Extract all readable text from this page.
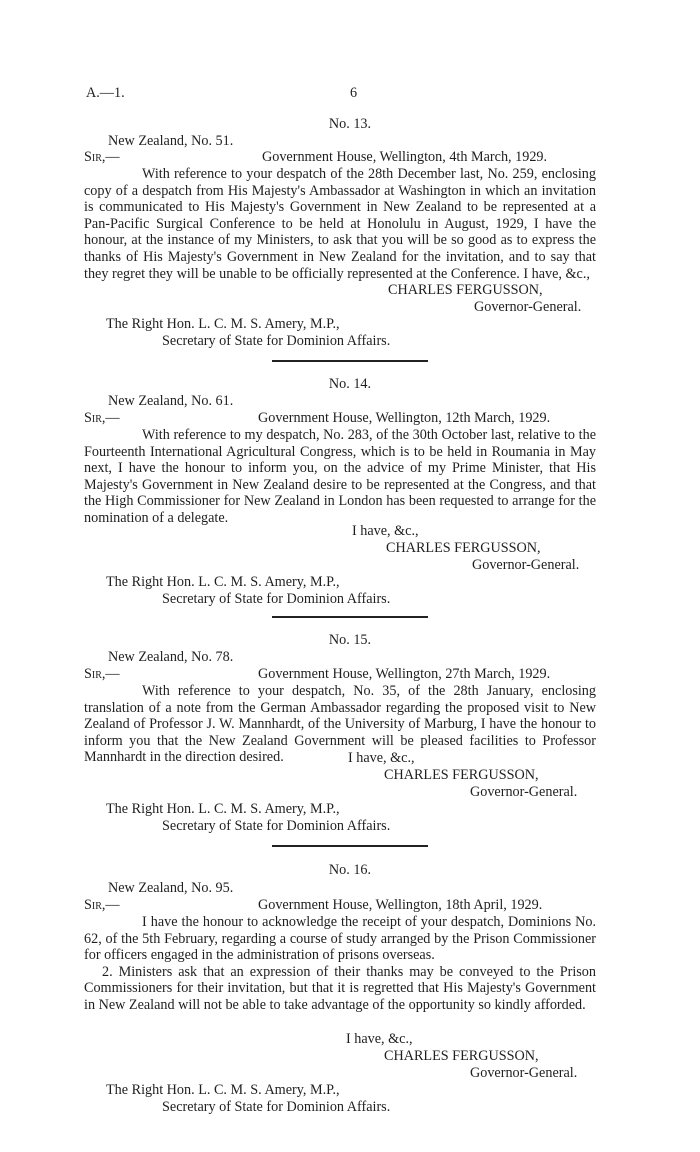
A.—1.	6
No. 13.
New Zealand, No. 51.
Sir,—	Government House, Wellington, 4th March, 1929.

With reference to your despatch of the 28th December last, No. 259, enclosing copy of a despatch from His Majesty's Ambassador at Washington in which an invitation is communicated to His Majesty's Government in New Zealand to be represented at a Pan-Pacific Surgical Conference to be held at Honolulu in August, 1929, I have the honour, at the instance of my Ministers, to ask that you will be so good as to express the thanks of His Majesty's Government in New Zealand for the invitation, and to say that they regret they will be unable to be officially represented at the Conference. I have, &c.,

CHARLES FERGUSSON,
Governor-General.
The Right Hon. L. C. M. S. Amery, M.P.,
Secretary of State for Dominion Affairs.
No. 14.
New Zealand, No. 61.
Sir,—	Government House, Wellington, 12th March, 1929.

With reference to my despatch, No. 283, of the 30th October last, relative to the Fourteenth International Agricultural Congress, which is to be held in Roumania in May next, I have the honour to inform you, on the advice of my Prime Minister, that His Majesty's Government in New Zealand desire to be represented at the Congress, and that the High Commissioner for New Zealand in London has been requested to arrange for the nomination of a delegate.

I have, &c.,
CHARLES FERGUSSON,
Governor-General.
The Right Hon. L. C. M. S. Amery, M.P.,
Secretary of State for Dominion Affairs.
No. 15.
New Zealand, No. 78.
Sir,—	Government House, Wellington, 27th March, 1929.

With reference to your despatch, No. 35, of the 28th January, enclosing translation of a note from the German Ambassador regarding the proposed visit to New Zealand of Professor J. W. Mannhardt, of the University of Marburg, I have the honour to inform you that the New Zealand Government will be pleased facilities to Professor Mannhardt in the direction desired.	I have, &c.,
CHARLES FERGUSSON,
Governor-General.
The Right Hon. L. C. M. S. Amery, M.P.,
Secretary of State for Dominion Affairs.
No. 16.
New Zealand, No. 95.
Sir,—	Government House, Wellington, 18th April, 1929.

I have the honour to acknowledge the receipt of your despatch, Dominions No. 62, of the 5th February, regarding a course of study arranged by the Prison Commissioner for officers engaged in the administration of prisons overseas.

2. Ministers ask that an expression of their thanks may be conveyed to the Prison Commissioners for their invitation, but that it is regretted that His Majesty's Government in New Zealand will not be able to take advantage of the opportunity so kindly afforded.

I have, &c.,
CHARLES FERGUSSON,
Governor-General.
The Right Hon. L. C. M. S. Amery, M.P.,
Secretary of State for Dominion Affairs.
